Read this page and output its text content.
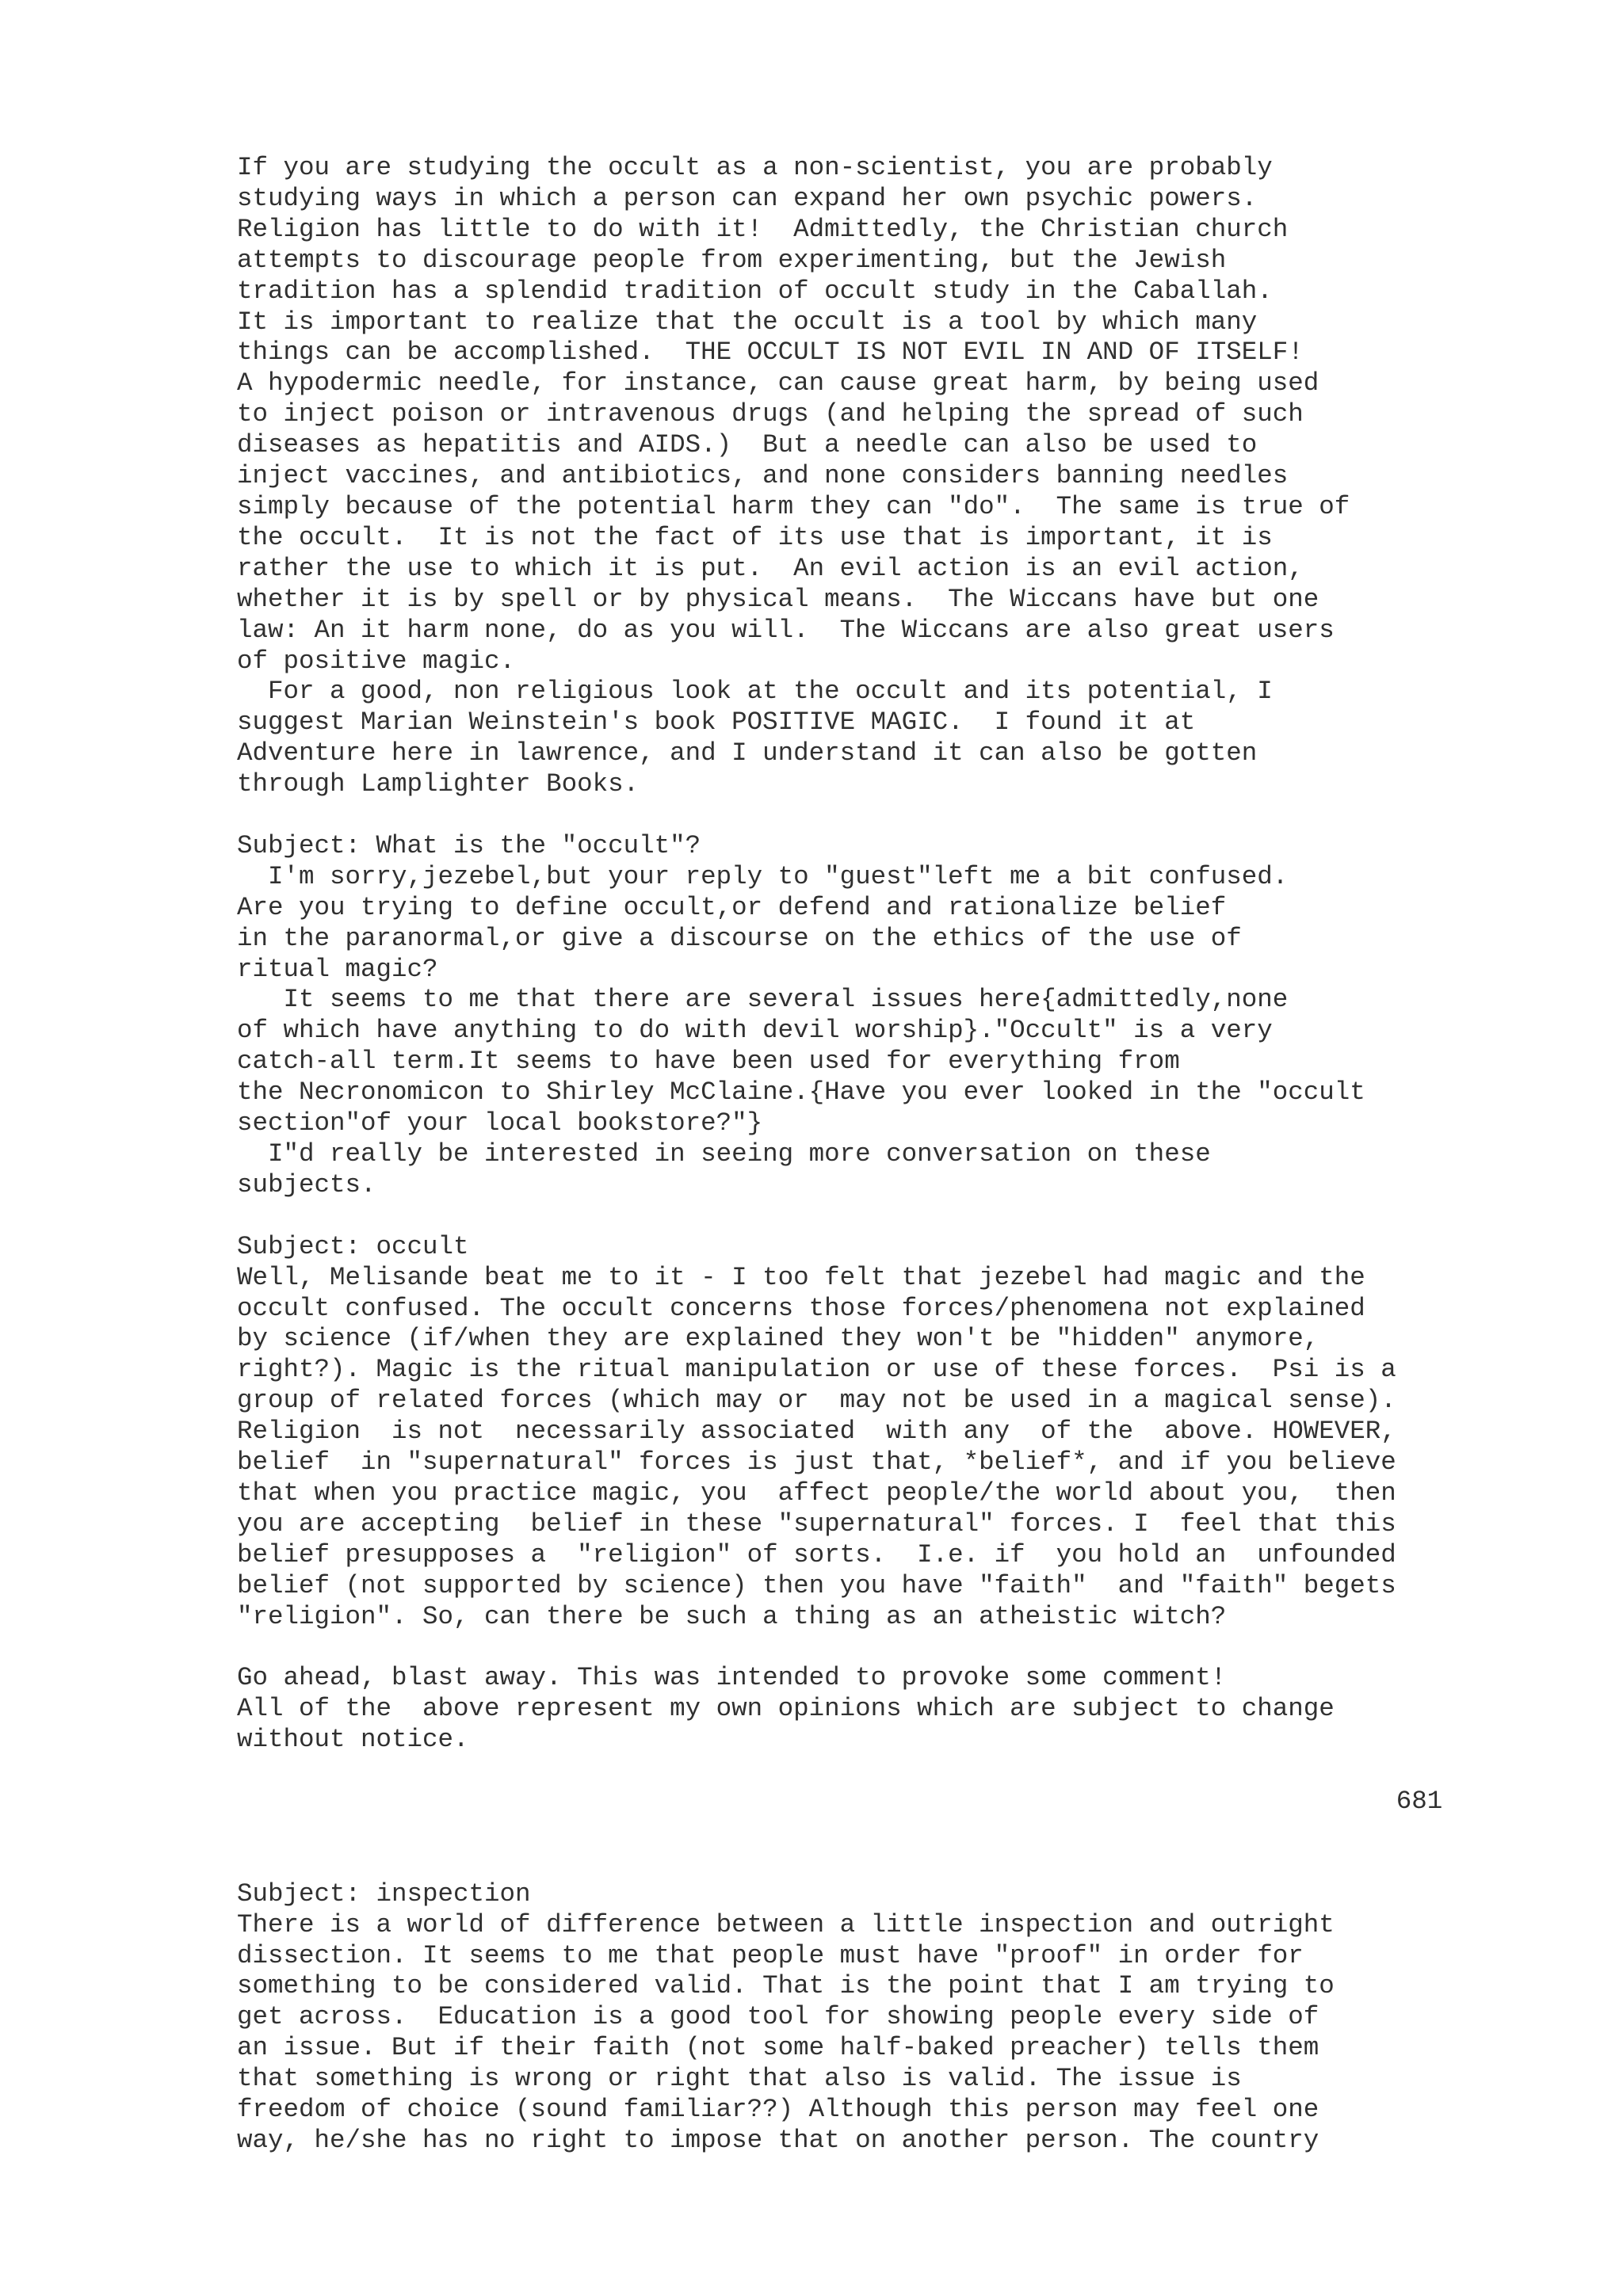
If you are studying the occult as a non-scientist, you are probably
studying ways in which a person can expand her own psychic powers.
Religion has little to do with it!  Admittedly, the Christian church
attempts to discourage people from experimenting, but the Jewish
tradition has a splendid tradition of occult study in the Caballah.
It is important to realize that the occult is a tool by which many
things can be accomplished.  THE OCCULT IS NOT EVIL IN AND OF ITSELF!
A hypodermic needle, for instance, can cause great harm, by being used
to inject poison or intravenous drugs (and helping the spread of such
diseases as hepatitis and AIDS.)  But a needle can also be used to
inject vaccines, and antibiotics, and none considers banning needles
simply because of the potential harm they can "do".  The same is true of
the occult.  It is not the fact of its use that is important, it is
rather the use to which it is put.  An evil action is an evil action,
whether it is by spell or by physical means.  The Wiccans have but one
law: An it harm none, do as you will.  The Wiccans are also great users
of positive magic.
For a good, non religious look at the occult and its potential, I
suggest Marian Weinstein's book POSITIVE MAGIC.  I found it at
Adventure here in lawrence, and I understand it can also be gotten
through Lamplighter Books.

Subject: What is the "occult"?
I'm sorry,jezebel,but your reply to "guest"left me a bit confused.
Are you trying to define occult,or defend and rationalize belief
in the paranormal,or give a discourse on the ethics of the use of
ritual magic?
It seems to me that there are several issues here{admittedly,none
of which have anything to do with devil worship}."Occult" is a very
catch-all term.It seems to have been used for everything from
the Necronomicon to Shirley McClaine.{Have you ever looked in the "occult
section"of your local bookstore?"}
I"d really be interested in seeing more conversation on these
subjects.

Subject: occult
Well, Melisande beat me to it - I too felt that jezebel had magic and the
occult confused. The occult concerns those forces/phenomena not explained
by science (if/when they are explained they won't be "hidden" anymore,
right?). Magic is the ritual manipulation or use of these forces.  Psi is a
group of related forces (which may or  may not be used in a magical sense).
Religion  is not  necessarily associated  with any  of the  above. HOWEVER,
belief  in "supernatural" forces is just that, *belief*, and if you believe
that when you practice magic, you  affect people/the world about you,  then
you are accepting  belief in these "supernatural" forces. I  feel that this
belief presupposes a  "religion" of sorts.  I.e. if  you hold an  unfounded
belief (not supported by science) then you have "faith"  and "faith" begets
"religion". So, can there be such a thing as an atheistic witch?

Go ahead, blast away. This was intended to provoke some comment!
All of the  above represent my own opinions which are subject to change
without notice.

681

Subject: inspection
There is a world of difference between a little inspection and outright
dissection. It seems to me that people must have "proof" in order for
something to be considered valid. That is the point that I am trying to
get across.  Education is a good tool for showing people every side of
an issue. But if their faith (not some half-baked preacher) tells them
that something is wrong or right that also is valid. The issue is
freedom of choice (sound familiar??) Although this person may feel one
way, he/she has no right to impose that on another person. The country
